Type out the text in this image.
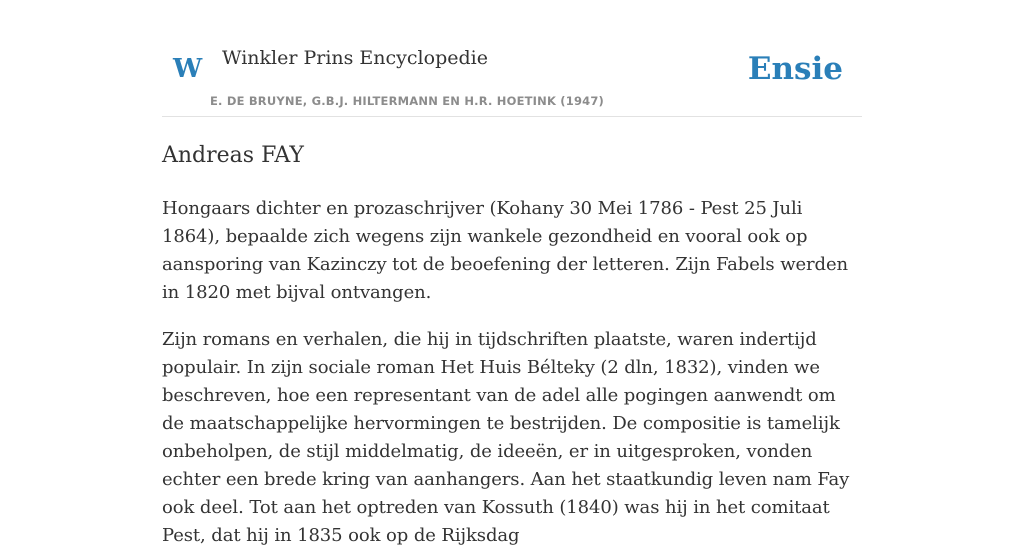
W Winkler Prins Encyclopedie
E. DE BRUYNE, G.B.J. HILTERMANN EN H.R. HOETINK (1947)
Ensie
Andreas FAY

Hongaars dichter en prozaschrijver (Kohany 30 Mei 1786 - Pest 25 Juli 1864), bepaalde zich wegens zijn wankele gezondheid en vooral ook op aansporing van Kazinczy tot de beoefening der letteren. Zijn Fabels werden in 1820 met bijval ontvangen.

Zijn romans en verhalen, die hij in tijdschriften plaatste, waren indertijd populair. In zijn sociale roman Het Huis Bélteky (2 dln, 1832), vinden we beschreven, hoe een representant van de adel alle pogingen aanwendt om de maatschappelijke hervormingen te bestrijden. De compositie is tamelijk onbeholpen, de stijl middelmatig, de ideeën, er in uitgesproken, vonden echter een brede kring van aanhangers. Aan het staatkundig leven nam Fay ook deel. Tot aan het optreden van Kossuth (1840) was hij in het comitaat Pest, dat hij in 1835 ook op de Rijksdag
